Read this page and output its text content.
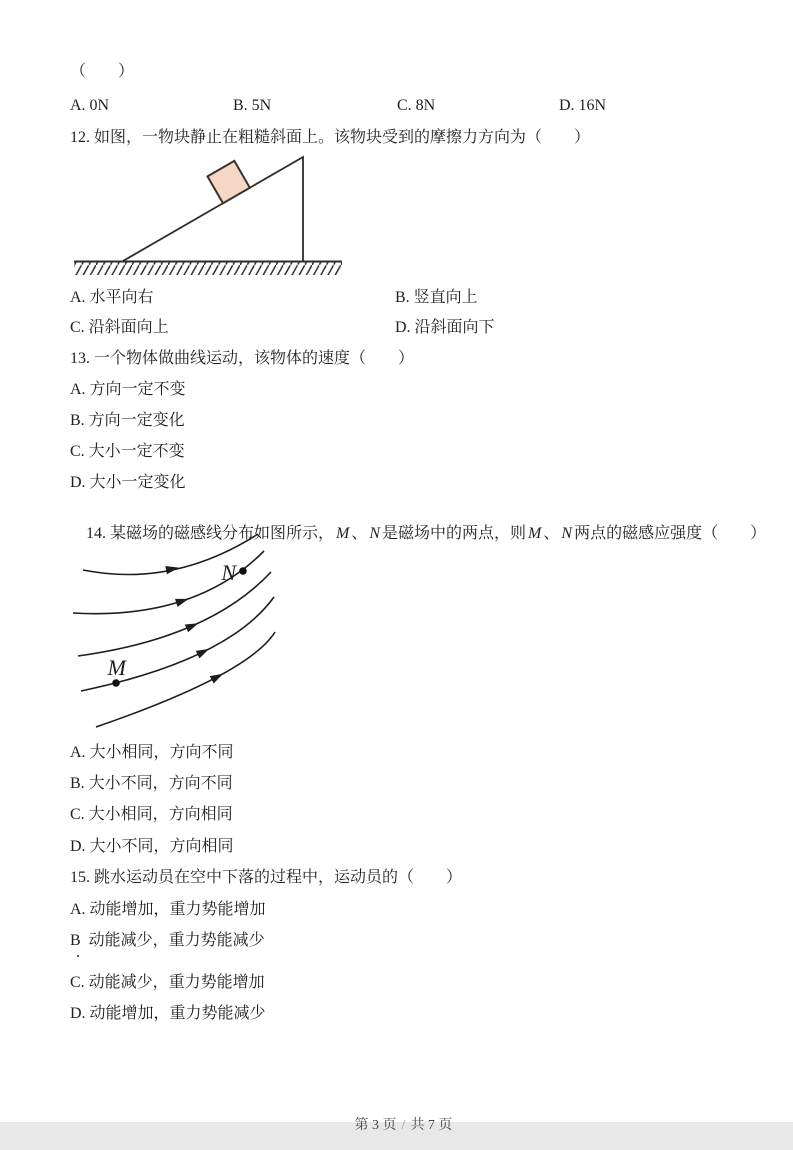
（　　）
A. 0N	B. 5N	C. 8N	D. 16N
12. 如图，一物块静止在粗糙斜面上。该物块受到的摩擦力方向为（　　）
A. 水平向右	B. 竖直向上
C. 沿斜面向上	D. 沿斜面向下
13. 一个物体做曲线运动，该物体的速度（　　）
A. 方向一定不变
B. 方向一定变化
C. 大小一定不变
D. 大小一定变化

14. 某磁场的磁感线分布如图所示， M 、 N 是磁场中的两点，则 M 、 N 两点的磁感应强度（　　）

N
M
A. 大小相同，方向不同
B. 大小不同，方向不同
C. 大小相同，方向相同
D. 大小不同，方向相同
15. 跳水运动员在空中下落的过程中，运动员的（　　）
A. 动能增加，重力势能增加
B  动能减少，重力势能减少
.
C. 动能减少，重力势能增加
D. 动能增加，重力势能减少

第 3 页 / 共 7 页
